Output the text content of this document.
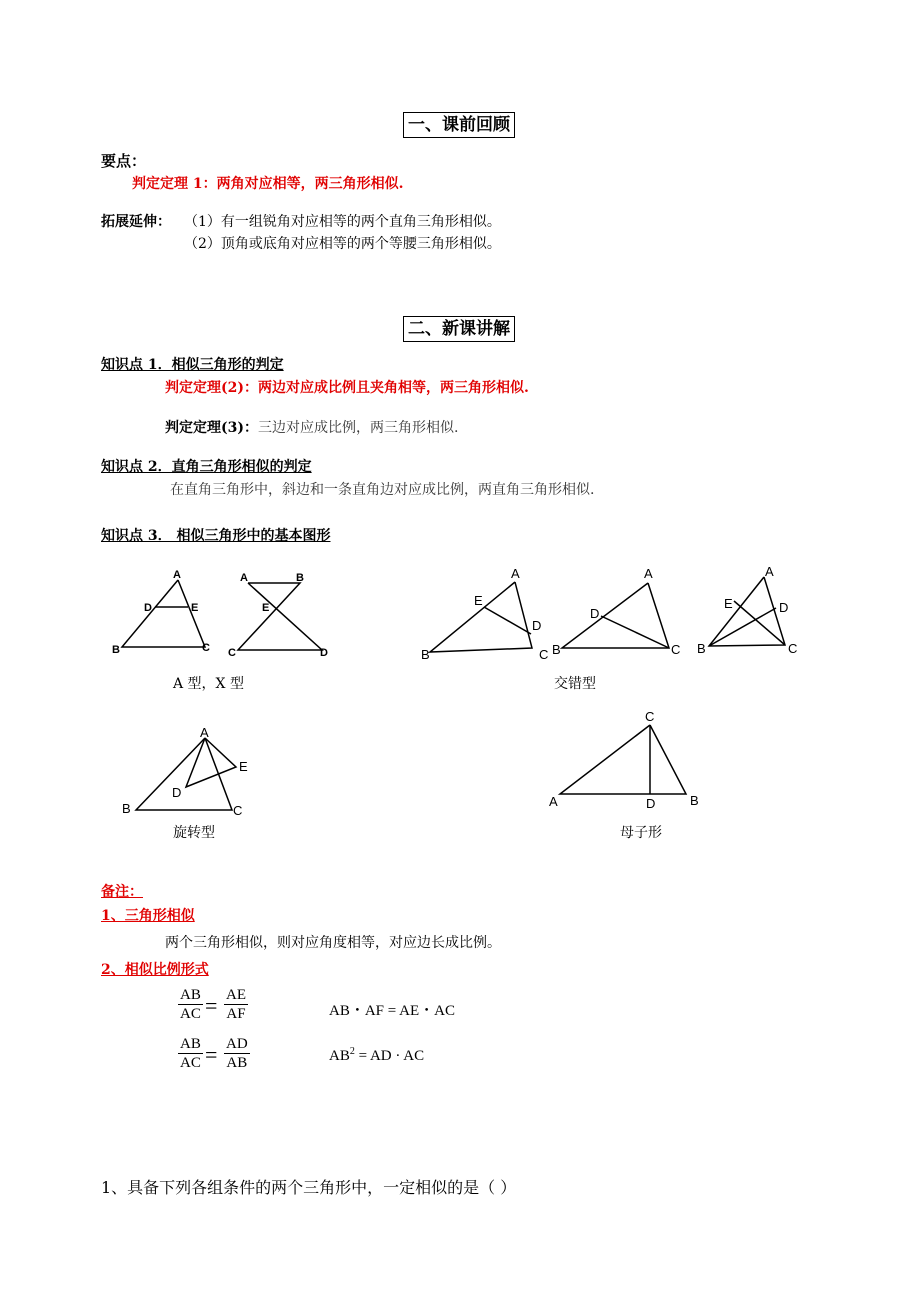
一、课前回顾
要点：
判定定理 1：两角对应相等，两三角形相似.
拓展延伸： （1）有一组锐角对应相等的两个直角三角形相似。
（2）顶角或底角对应相等的两个等腰三角形相似。
二、新课讲解
知识点 1．相似三角形的判定
判定定理(2)：两边对应成比例且夹角相等，两三角形相似.
判定定理(3)：三边对应成比例，两三角形相似.
知识点 2．直角三角形相似的判定
在直角三角形中，斜边和一条直角边对应成比例，两直角三角形相似.
知识点 3． 相似三角形中的基本图形
A
D	E
B	C
A	B
E
C	D
A
E
D
B	C
A
D
B	C
A
E	D
B	C
A
E
D
B	C
C
A	D	B
A 型，X 型	交错型
旋转型	母子形
备注：
1、三角形相似
两个三角形相似，则对应角度相等，对应边长成比例。
2、相似比例形式
$\frac{AB}{AC} = \frac{AE}{AF}$	AB・AF = AE・AC
$\frac{AB}{AC} = \frac{AD}{AB}$	$AB^2$ = AD · AC
1、具备下列各组条件的两个三角形中，一定相似的是（ ）
